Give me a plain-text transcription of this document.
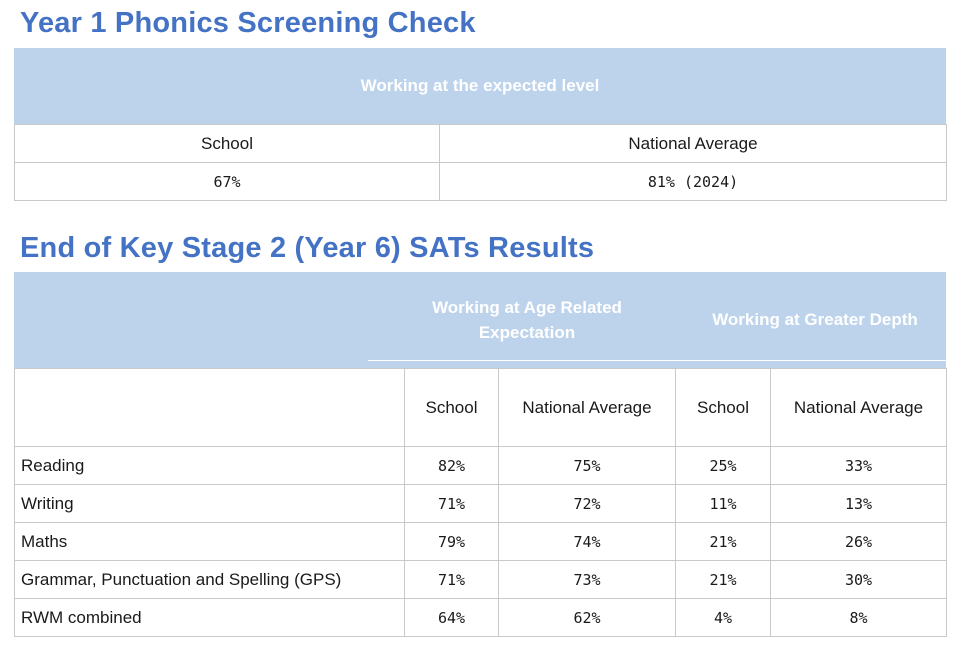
Year 1 Phonics Screening Check
Working at the expected level
School	National Average
67%	81% (2024)
End of Key Stage 2 (Year 6) SATs Results
Working at Age Related Expectation
Working at Greater Depth
	School	National Average	School	National Average
Reading	82%	75%	25%	33%
Writing	71%	72%	11%	13%
Maths	79%	74%	21%	26%
Grammar, Punctuation and Spelling (GPS)	71%	73%	21%	30%
RWM combined	64%	62%	4%	8%
